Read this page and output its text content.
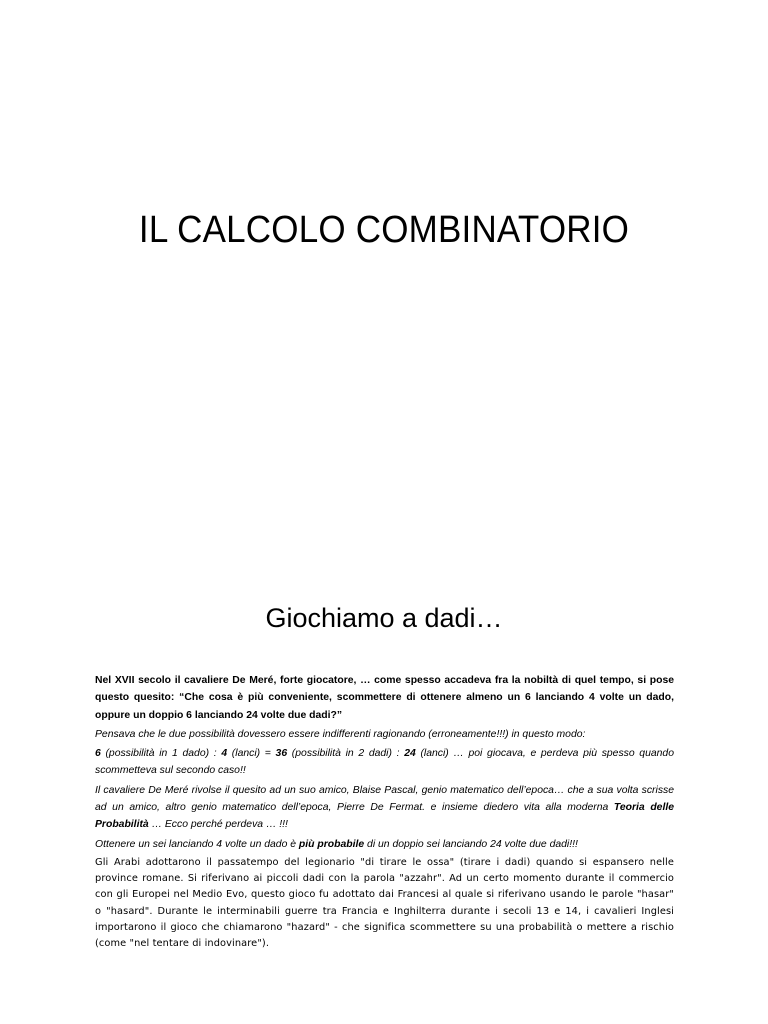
IL CALCOLO COMBINATORIO
Giochiamo a dadi…

Nel XVII secolo il cavaliere De Meré, forte giocatore, … come spesso accadeva fra la nobiltà di quel tempo, si pose questo quesito: “Che cosa è più conveniente, scommettere di ottenere almeno un 6 lanciando 4 volte un dado, oppure un doppio 6 lanciando 24 volte due dadi?”

Pensava che le due possibilità dovessero essere indifferenti ragionando (erroneamente!!!) in questo modo:

6 (possibilità in 1 dado) : 4 (lanci) = 36 (possibilità in 2 dadi) : 24 (lanci) … poi giocava, e perdeva più spesso quando scommetteva sul secondo caso!!

Il cavaliere De Meré rivolse il quesito ad un suo amico, Blaise Pascal, genio matematico dell’epoca… che a sua volta scrisse ad un amico, altro genio matematico dell’epoca, Pierre De Fermat. e insieme diedero vita alla moderna Teoria delle Probabilità … Ecco perché perdeva … !!!

Ottenere un sei lanciando 4 volte un dado è più probabile di un doppio sei lanciando 24 volte due dadi!!!

Gli Arabi adottarono il passatempo del legionario "di tirare le ossa" (tirare i dadi) quando si espansero nelle province romane. Si riferivano ai piccoli dadi con la parola "azzahr". Ad un certo momento durante il commercio con gli Europei nel Medio Evo, questo gioco fu adottato dai Francesi al quale si riferivano usando le parole "hasar" o "hasard". Durante le interminabili guerre tra Francia e Inghilterra durante i secoli 13 e 14, i cavalieri Inglesi importarono il gioco che chiamarono "hazard" - che significa scommettere su una probabilità o mettere a rischio (come "nel tentare di indovinare").
